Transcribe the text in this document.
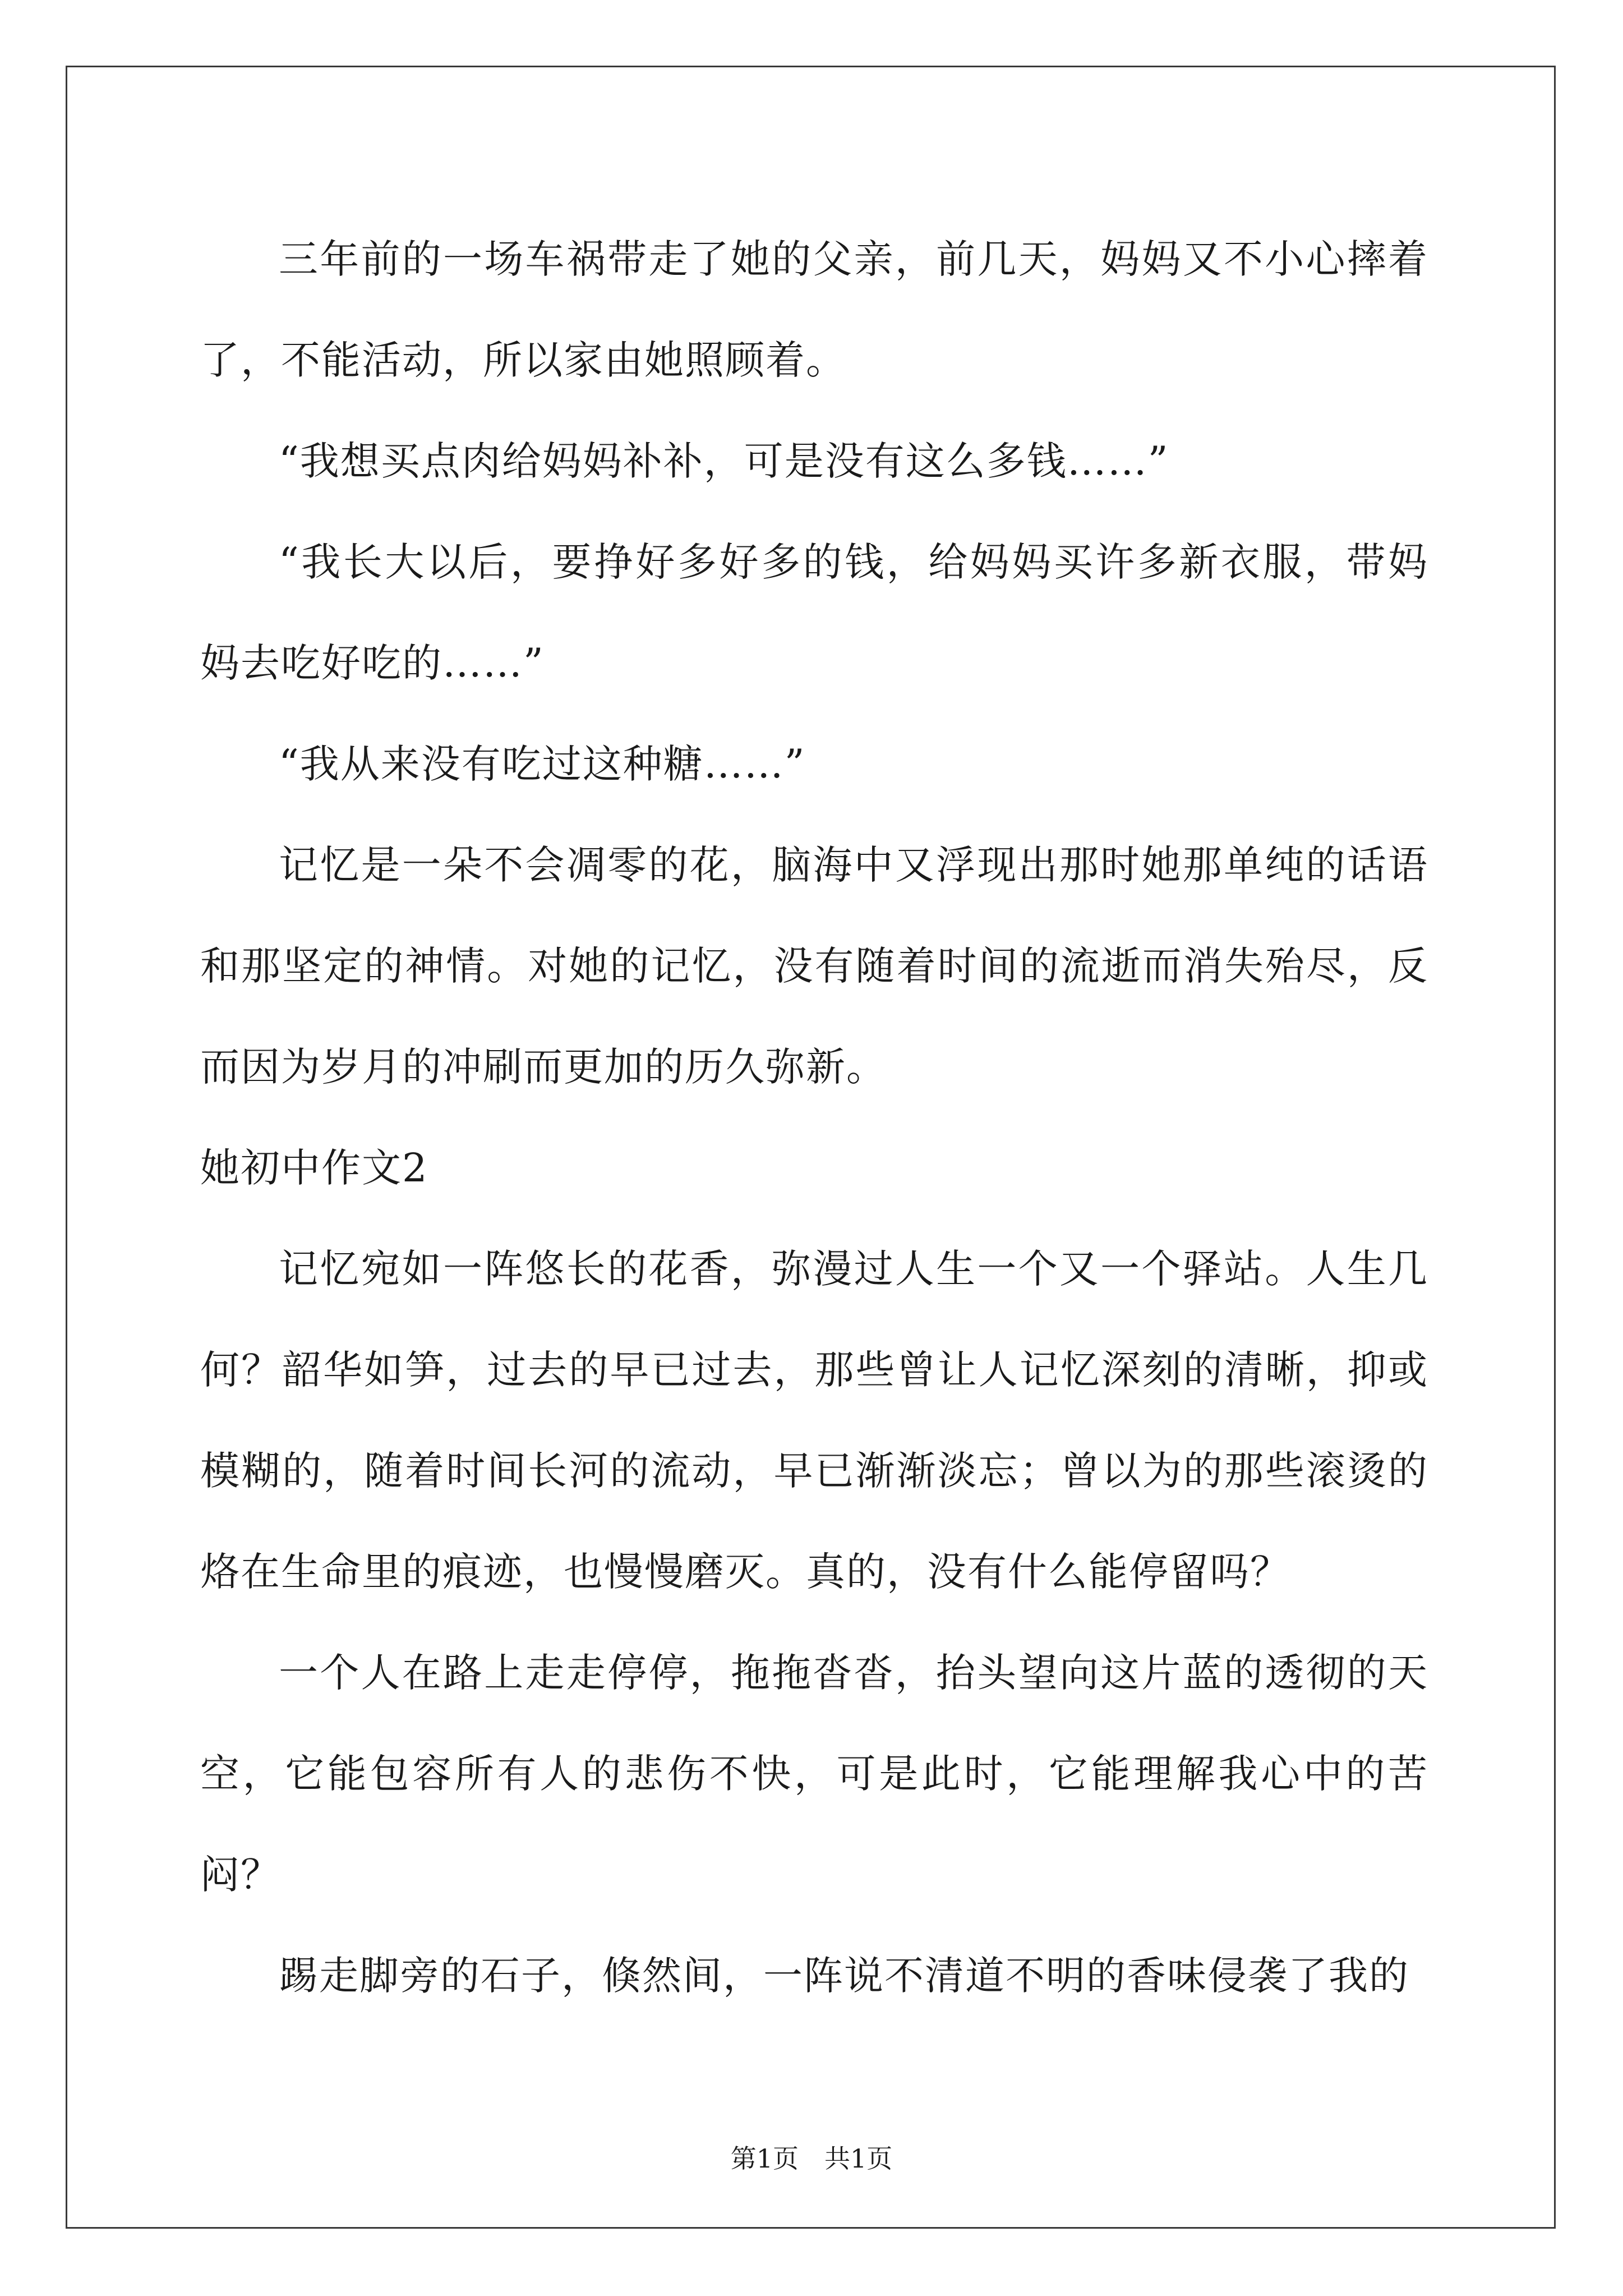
三年前的一场车祸带走了她的父亲，前几天，妈妈又不小心摔着了，不能活动，所以家由她照顾着。

“我想买点肉给妈妈补补，可是没有这么多钱……”

“我长大以后，要挣好多好多的钱，给妈妈买许多新衣服，带妈妈去吃好吃的……”

“我从来没有吃过这种糖……”

记忆是一朵不会凋零的花，脑海中又浮现出那时她那单纯的话语和那坚定的神情。对她的记忆，没有随着时间的流逝而消失殆尽，反而因为岁月的冲刷而更加的历久弥新。

她初中作文2

记忆宛如一阵悠长的花香，弥漫过人生一个又一个驿站。人生几何？韶华如笋，过去的早已过去，那些曾让人记忆深刻的清晰，抑或模糊的，随着时间长河的流动，早已渐渐淡忘；曾以为的那些滚烫的烙在生命里的痕迹，也慢慢磨灭。真的，没有什么能停留吗？

一个人在路上走走停停，拖拖沓沓，抬头望向这片蓝的透彻的天空，它能包容所有人的悲伤不快，可是此时，它能理解我心中的苦闷？

踢走脚旁的石子，倏然间，一阵说不清道不明的香味侵袭了我的

第1页　共1页
